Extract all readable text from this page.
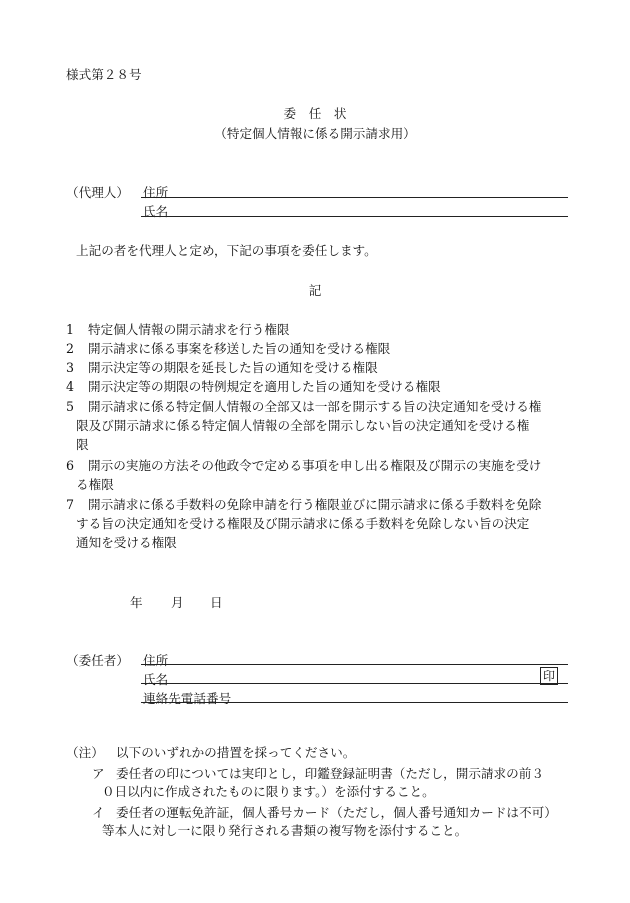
様式第２８号
委　任　状
（特定個人情報に係る開示請求用）
（代理人） 住所
氏名
上記の者を代理人と定め，下記の事項を委任します。
記
1 特定個人情報の開示請求を行う権限
2 開示請求に係る事案を移送した旨の通知を受ける権限
3 開示決定等の期限を延長した旨の通知を受ける権限
4 開示決定等の期限の特例規定を適用した旨の通知を受ける権限
5 開示請求に係る特定個人情報の全部又は一部を開示する旨の決定通知を受ける権
限及び開示請求に係る特定個人情報の全部を開示しない旨の決定通知を受ける権
限
6 開示の実施の方法その他政令で定める事項を申し出る権限及び開示の実施を受け
る権限
7 開示請求に係る手数料の免除申請を行う権限並びに開示請求に係る手数料を免除
する旨の決定通知を受ける権限及び開示請求に係る手数料を免除しない旨の決定
通知を受ける権限
年 月 日
（委任者） 住所
氏名	印
連絡先電話番号
（注） 以下のいずれかの措置を採ってください。
ア 委任者の印については実印とし，印鑑登録証明書（ただし，開示請求の前３
０日以内に作成されたものに限ります。）を添付すること。
イ 委任者の運転免許証，個人番号カード（ただし，個人番号通知カードは不可）
等本人に対し一に限り発行される書類の複写物を添付すること。
